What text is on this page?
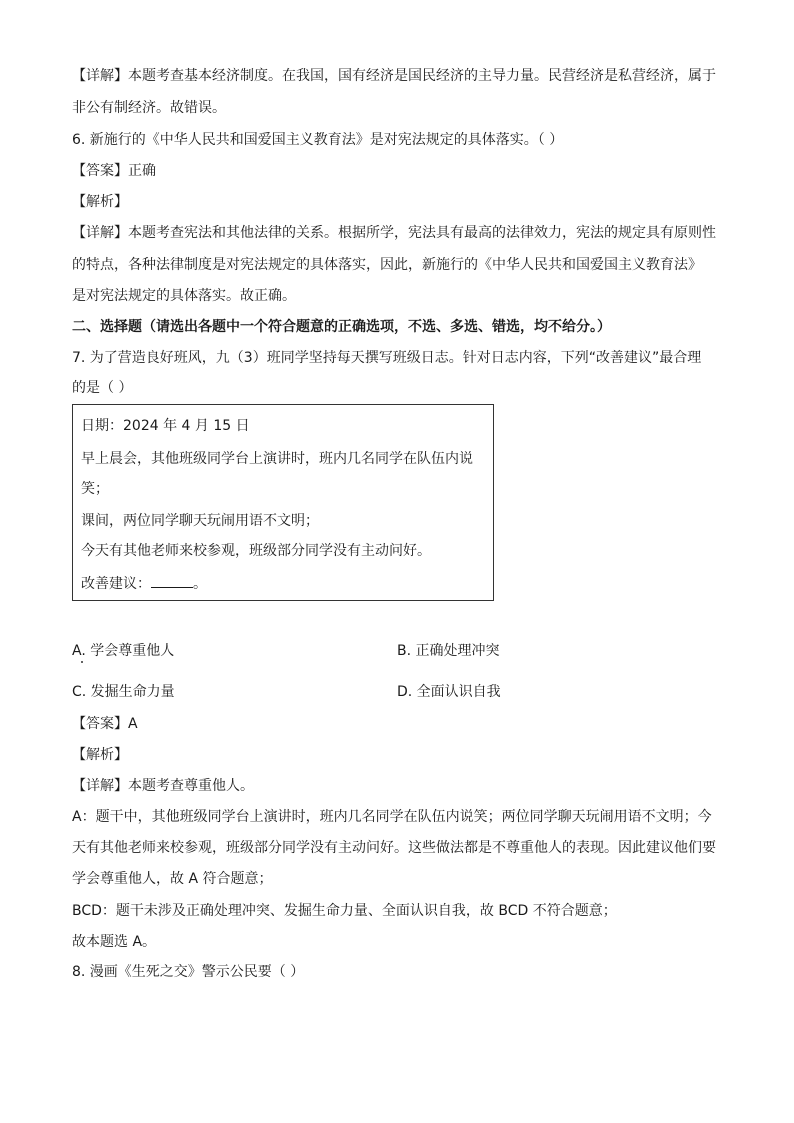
【详解】本题考查基本经济制度。在我国，国有经济是国民经济的主导力量。民营经济是私营经济，属于
非公有制经济。故错误。
6. 新施行的《中华人民共和国爱国主义教育法》是对宪法规定的具体落实。（ ）
【答案】正确
【解析】
【详解】本题考查宪法和其他法律的关系。根据所学，宪法具有最高的法律效力，宪法的规定具有原则性
的特点，各种法律制度是对宪法规定的具体落实，因此，新施行的《中华人民共和国爱国主义教育法》
是对宪法规定的具体落实。故正确。
二、选择题（请选出各题中一个符合题意的正确选项，不选、多选、错选，均不给分。）
7. 为了营造良好班风，九（3）班同学坚持每天撰写班级日志。针对日志内容，下列“改善建议”最合理
的是（ ）
日期：2024 年 4 月 15 日
早上晨会，其他班级同学台上演讲时，班内几名同学在队伍内说
笑；
课间，两位同学聊天玩闹用语不文明；
今天有其他老师来校参观，班级部分同学没有主动问好。
改善建议：	。
A. 学会尊重他人	B. 正确处理冲突
C. 发掘生命力量	D. 全面认识自我
【答案】A
【解析】
【详解】本题考查尊重他人。
A：题干中，其他班级同学台上演讲时，班内几名同学在队伍内说笑；两位同学聊天玩闹用语不文明；今
天有其他老师来校参观，班级部分同学没有主动问好。这些做法都是不尊重他人的表现。因此建议他们要
学会尊重他人，故 A 符合题意；
BCD：题干未涉及正确处理冲突、发掘生命力量、全面认识自我，故 BCD 不符合题意；
故本题选 A。
8. 漫画《生死之交》警示公民要（ ）
